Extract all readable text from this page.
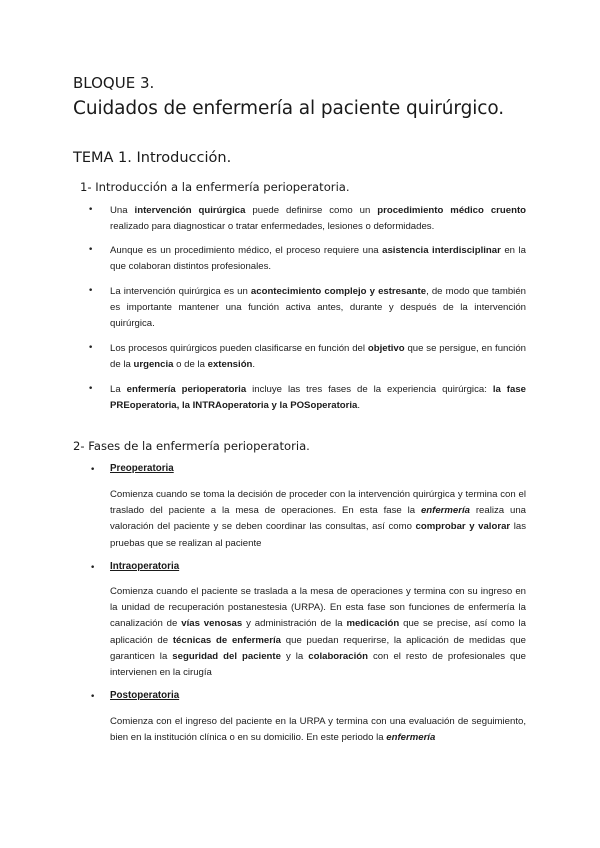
BLOQUE 3.
Cuidados de enfermería al paciente quirúrgico.
TEMA 1. Introducción.
1- Introducción a la enfermería perioperatoria.
• Una intervención quirúrgica puede definirse como un procedimiento médico cruento realizado para diagnosticar o tratar enfermedades, lesiones o deformidades.
• Aunque es un procedimiento médico, el proceso requiere una asistencia interdisciplinar en la que colaboran distintos profesionales.
• La intervención quirúrgica es un acontecimiento complejo y estresante, de modo que también es importante mantener una función activa antes, durante y después de la intervención quirúrgica.
• Los procesos quirúrgicos pueden clasificarse en función del objetivo que se persigue, en función de la urgencia o de la extensión.
• La enfermería perioperatoria incluye las tres fases de la experiencia quirúrgica: la fase PREoperatoria, la INTRAoperatoria y la POSoperatoria.
2- Fases de la enfermería perioperatoria.
• Preoperatoria
Comienza cuando se toma la decisión de proceder con la intervención quirúrgica y termina con el traslado del paciente a la mesa de operaciones. En esta fase la enfermería realiza una valoración del paciente y se deben coordinar las consultas, así como comprobar y valorar las pruebas que se realizan al paciente
• Intraoperatoria
Comienza cuando el paciente se traslada a la mesa de operaciones y termina con su ingreso en la unidad de recuperación postanestesia (URPA). En esta fase son funciones de enfermería la canalización de vías venosas y administración de la medicación que se precise, así como la aplicación de técnicas de enfermería que puedan requerirse, la aplicación de medidas que garanticen la seguridad del paciente y la colaboración con el resto de profesionales que intervienen en la cirugía
• Postoperatoria
Comienza con el ingreso del paciente en la URPA y termina con una evaluación de seguimiento, bien en la institución clínica o en su domicilio. En este periodo la enfermería
